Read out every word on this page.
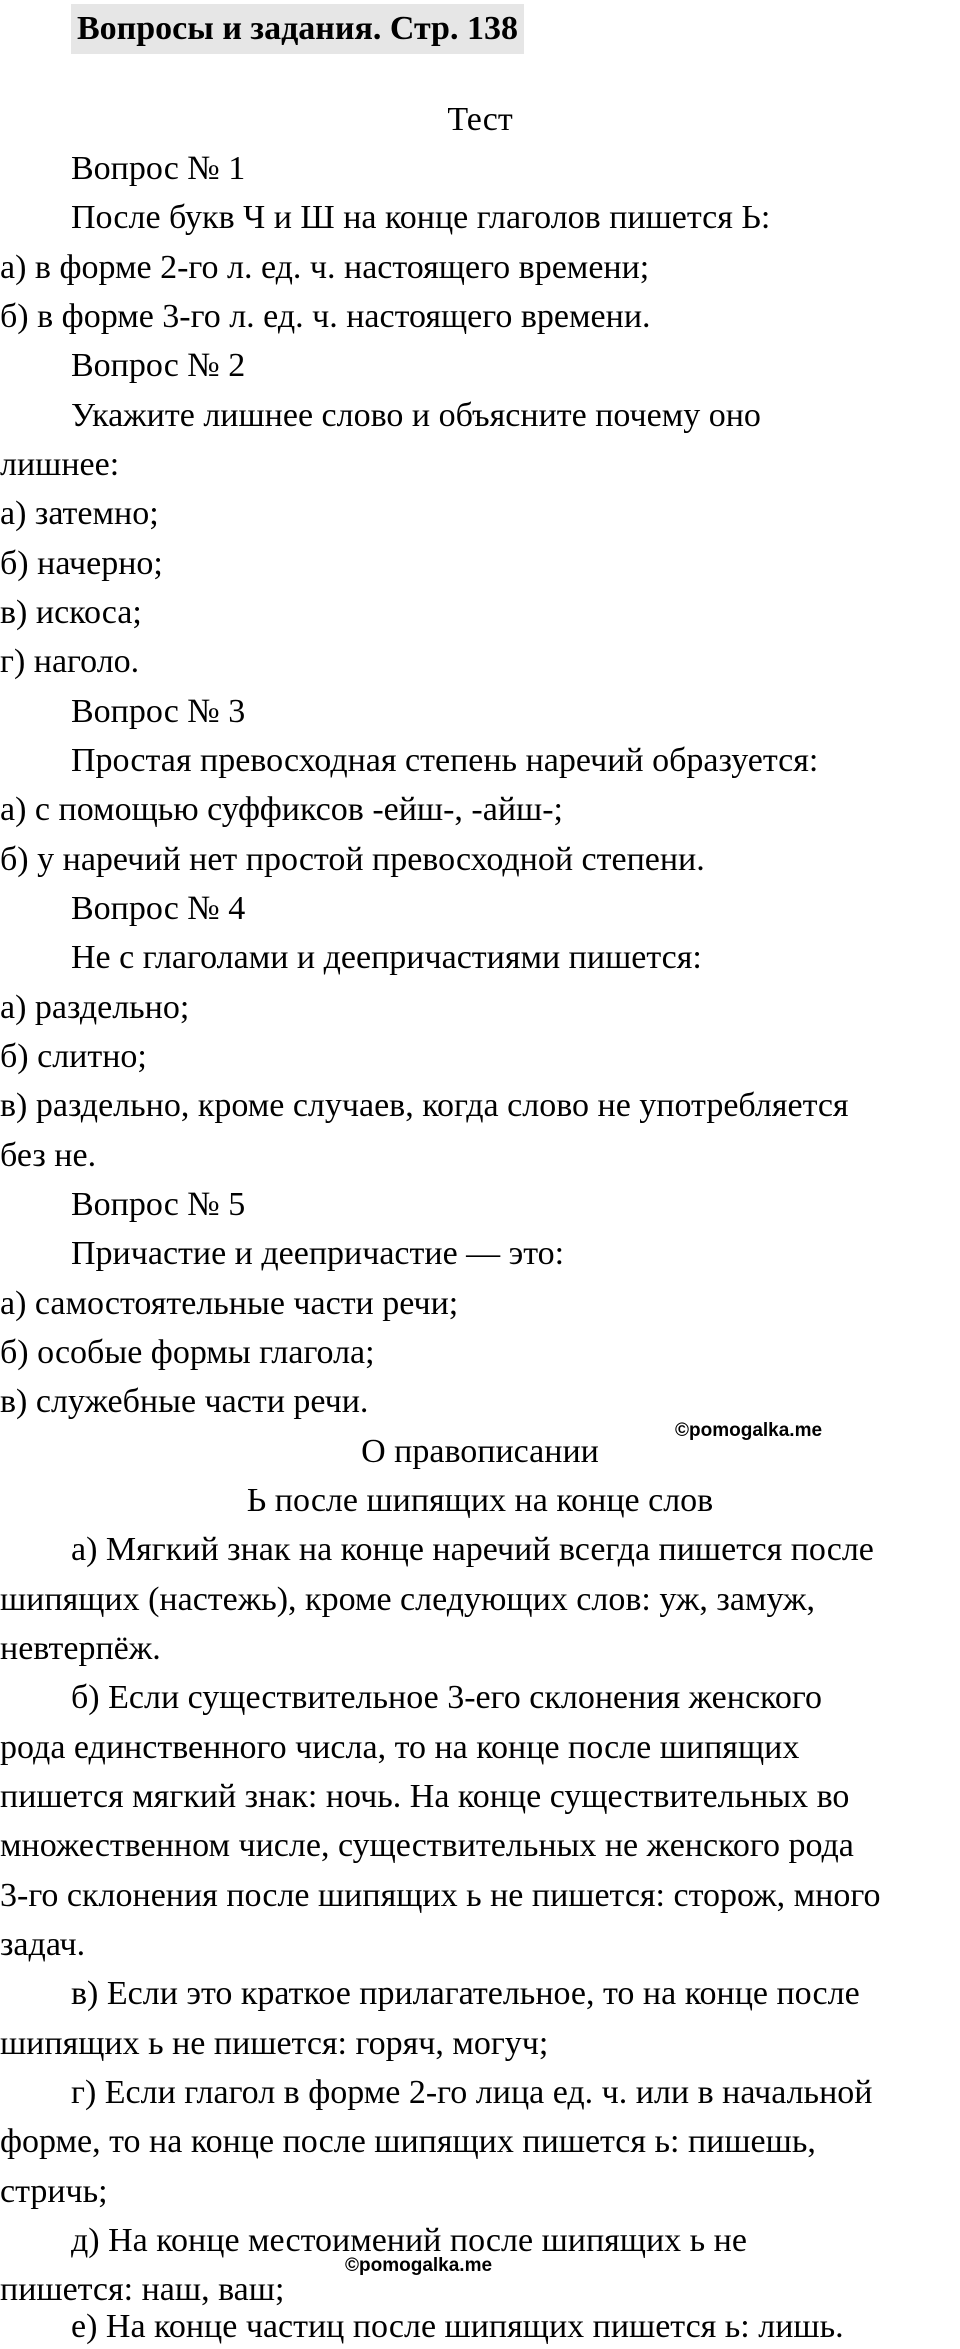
Вопросы и задания. Стр. 138
Тест
Вопрос № 1
После букв Ч и Ш на конце глаголов пишется Ь:
а) в форме 2-го л. ед. ч. настоящего времени;
б) в форме 3-го л. ед. ч. настоящего времени.
Вопрос № 2
Укажите лишнее слово и объясните почему оно
лишнее:
а) затемно;
б) начерно;
в) искоса;
г) наголо.
Вопрос № 3
Простая превосходная степень наречий образуется:
а) с помощью суффиксов -ейш-, -айш-;
б) у наречий нет простой превосходной степени.
Вопрос № 4
Не с глаголами и деепричастиями пишется:
а) раздельно;
б) слитно;
в) раздельно, кроме случаев, когда слово не употребляется
без не.
Вопрос № 5
Причастие и деепричастие — это:
а) самостоятельные части речи;
б) особые формы глагола;
в) служебные части речи.
О правописании
©pomogalka.me
Ь после шипящих на конце слов
а) Мягкий знак на конце наречий всегда пишется после
шипящих (настежь), кроме следующих слов: уж, замуж,
невтерпёж.
б) Если существительное 3-его склонения женского
рода единственного числа, то на конце после шипящих
пишется мягкий знак: ночь. На конце существительных во
множественном числе, существительных не женского рода
3-го склонения после шипящих ь не пишется: сторож, много
задач.
в) Если это краткое прилагательное, то на конце после
шипящих ь не пишется: горяч, могуч;
г) Если глагол в форме 2-го лица ед. ч. или в начальной
форме, то на конце после шипящих пишется ь: пишешь,
стричь;
д) На конце местоимений после шипящих ь не
©pomogalka.me
пишется: наш, ваш;
е) На конце частиц после шипящих пишется ь: лишь.
